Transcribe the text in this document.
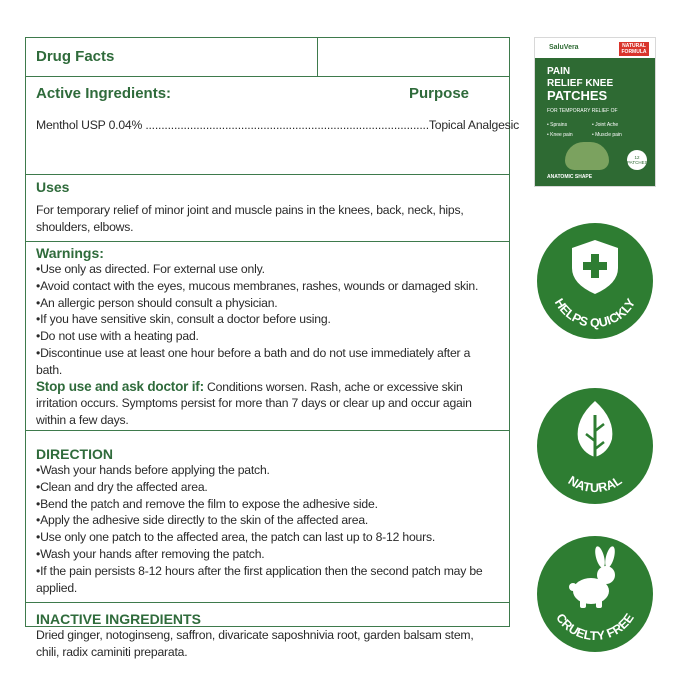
Drug Facts
Active Ingredients:	Purpose
Menthol USP 0.04% .........................................................................................Topical Analgesic
Uses
For temporary relief of minor joint and muscle pains in the knees, back, neck, hips, shoulders, elbows.
Warnings:
• Use only as directed. For external use only.
• Avoid contact with the eyes, mucous membranes, rashes, wounds or damaged skin.
• An allergic person should consult a physician.
• If you have sensitive skin, consult a doctor before using.
• Do not use with a heating pad.
• Discontinue use at least one hour before a bath and do not use immediately after a bath.
Stop use and ask doctor if: Conditions worsen. Rash, ache or excessive skin irritation occurs. Symptoms persist for more than 7 days or clear up and occur again within a few days.
DIRECTION
• Wash your hands before applying the patch.
• Clean and dry the affected area.
• Bend the patch and remove the film to expose the adhesive side.
• Apply the adhesive side directly to the skin of the affected area.
• Use only one patch to the affected area, the patch can last up to 8-12 hours.
• Wash your hands after removing the patch.
• If the pain persists 8-12 hours after the first application then the second patch may be applied.
INACTIVE INGREDIENTS
Dried ginger, notoginseng, saffron, divaricate saposhnivia root, garden balsam stem, chili, radix caminiti preparata.
SaluVera	NATURAL FORMULA
PAIN
RELIEF KNEE
PATCHES
FOR TEMPORARY RELIEF OF
• Sprains	• Joint Ache
• Knee pain	• Muscle pain
12 PATCHES
ANATOMIC SHAPE
HELPS QUICKLY
NATURAL
CRUELTY FREE
